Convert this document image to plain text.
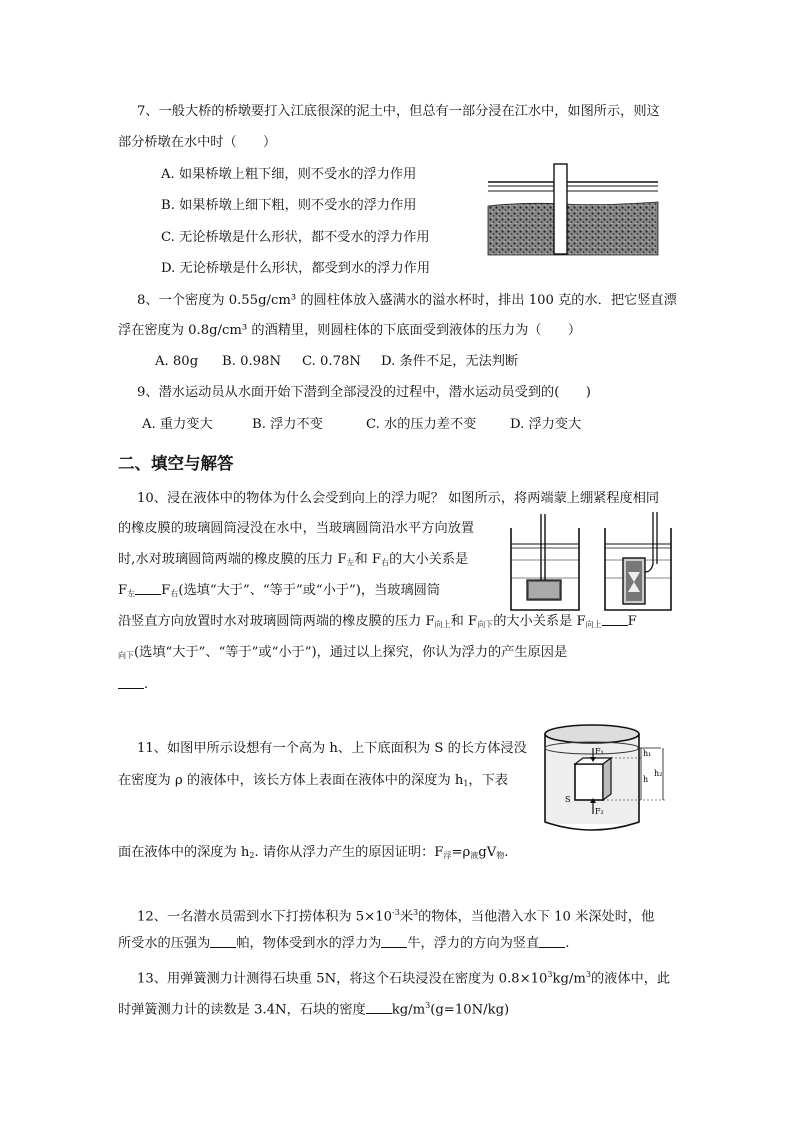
7、一般大桥的桥墩要打入江底很深的泥土中，但总有一部分浸在江水中，如图所示，则这
部分桥墩在水中时（　　）
A. 如果桥墩上粗下细，则不受水的浮力作用
B. 如果桥墩上细下粗，则不受水的浮力作用
C. 无论桥墩是什么形状，都不受水的浮力作用
D. 无论桥墩是什么形状，都受到水的浮力作用
8、一个密度为 0.55g/cm³ 的圆柱体放入盛满水的溢水杯时，排出 100 克的水．把它竖直漂
浮在密度为 0.8g/cm³ 的酒精里，则圆柱体的下底面受到液体的压力为（　　）
A. 80g B. 0.98N C. 0.78N D. 条件不足，无法判断
9、潜水运动员从水面开始下潜到全部浸没的过程中，潜水运动员受到的(　　)
A. 重力变大	B. 浮力不变	C. 水的压力差不变	D. 浮力变大
二、填空与解答
10、浸在液体中的物体为什么会受到向上的浮力呢？ 如图所示，将两端蒙上绷紧程度相同
的橡皮膜的玻璃圆筒浸没在水中，当玻璃圆筒沿水平方向放置
时,水对玻璃圆筒两端的橡皮膜的压力 $F_左$和 $F_右$的大小关系是
$F_左$ $F_右$(选填“大于”、“等于”或“小于”)，当玻璃圆筒
沿竖直方向放置时水对玻璃圆筒两端的橡皮膜的压力 $F_{向上}$和 $F_{向下}$的大小关系是 $F_{向上}$ F
$_{向下}$(选填“大于”、“等于”或“小于”)，通过以上探究，你认为浮力的产生原因是
.
11、如图甲所示设想有一个高为 h、上下底面积为 S 的长方体浸没
在密度为 ρ 的液体中，该长方体上表面在液体中的深度为 $h_1$，下表
面在液体中的深度为 $h_2$. 请你从浮力产生的原因证明：$F_浮=\rho_液gV_物$.
F₁
F₂
S
h₁
h
h₂
12、一名潜水员需到水下打捞体积为 $5\times 10^{-3}$米$^3$的物体，当他潜入水下 10 米深处时，他
所受水的压强为 帕，物体受到水的浮力为 牛，浮力的方向为竖直 .
13、用弹簧测力计测得石块重 5N，将这个石块浸没在密度为 $0.8\times 10^3kg/m^3$的液体中，此
时弹簧测力计的读数是 3.4N，石块的密度 $kg/m^3(g=10N/kg)$
